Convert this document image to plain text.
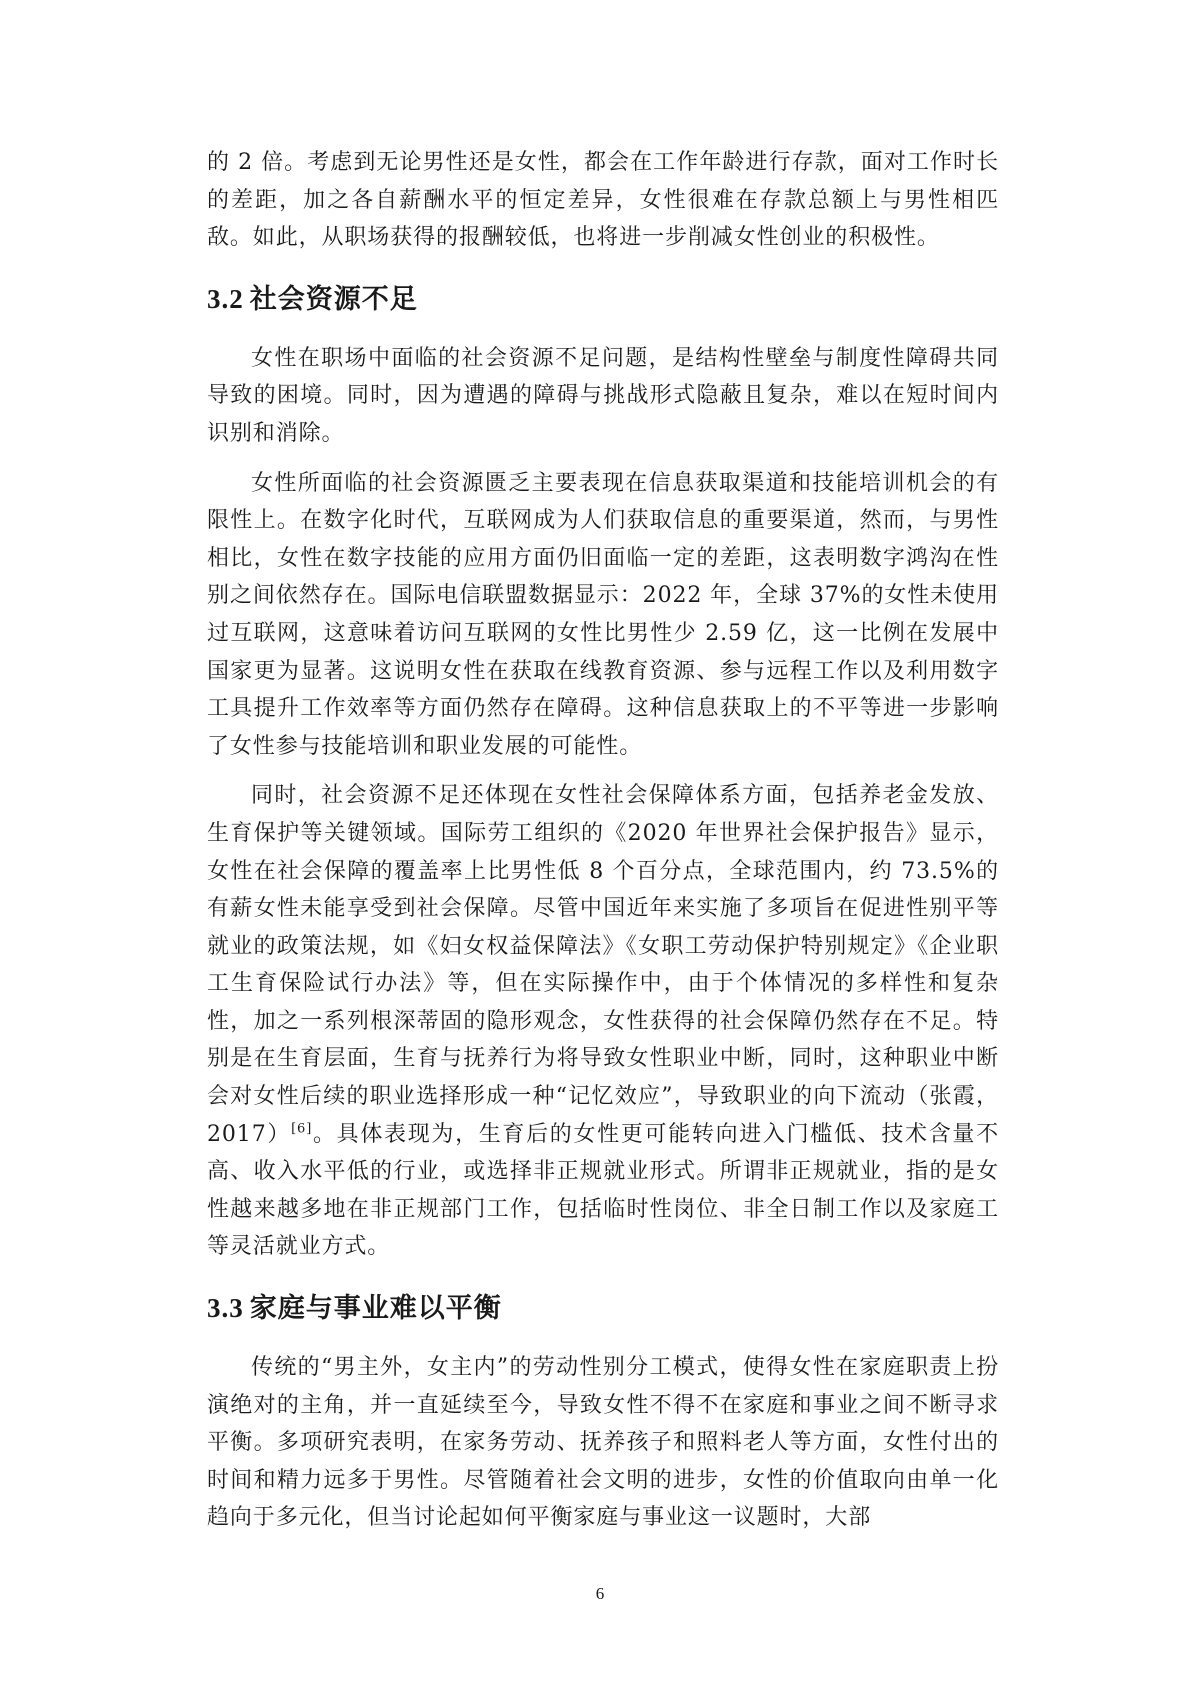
的 2 倍。考虑到无论男性还是女性，都会在工作年龄进行存款，面对工作时长的差距，加之各自薪酬水平的恒定差异，女性很难在存款总额上与男性相匹敌。如此，从职场获得的报酬较低，也将进一步削减女性创业的积极性。

3.2 社会资源不足

女性在职场中面临的社会资源不足问题，是结构性壁垒与制度性障碍共同导致的困境。同时，因为遭遇的障碍与挑战形式隐蔽且复杂，难以在短时间内识别和消除。

女性所面临的社会资源匮乏主要表现在信息获取渠道和技能培训机会的有限性上。在数字化时代，互联网成为人们获取信息的重要渠道，然而，与男性相比，女性在数字技能的应用方面仍旧面临一定的差距，这表明数字鸿沟在性别之间依然存在。国际电信联盟数据显示：2022 年，全球 37%的女性未使用过互联网，这意味着访问互联网的女性比男性少 2.59 亿，这一比例在发展中国家更为显著。这说明女性在获取在线教育资源、参与远程工作以及利用数字工具提升工作效率等方面仍然存在障碍。这种信息获取上的不平等进一步影响了女性参与技能培训和职业发展的可能性。

同时，社会资源不足还体现在女性社会保障体系方面，包括养老金发放、生育保护等关键领域。国际劳工组织的《2020 年世界社会保护报告》显示，女性在社会保障的覆盖率上比男性低 8 个百分点，全球范围内，约 73.5%的有薪女性未能享受到社会保障。尽管中国近年来实施了多项旨在促进性别平等就业的政策法规，如《妇女权益保障法》《女职工劳动保护特别规定》《企业职工生育保险试行办法》等，但在实际操作中，由于个体情况的多样性和复杂性，加之一系列根深蒂固的隐形观念，女性获得的社会保障仍然存在不足。特别是在生育层面，生育与抚养行为将导致女性职业中断，同时，这种职业中断会对女性后续的职业选择形成一种“记忆效应”，导致职业的向下流动（张霞，2017）[6]。具体表现为，生育后的女性更可能转向进入门槛低、技术含量不高、收入水平低的行业，或选择非正规就业形式。所谓非正规就业，指的是女性越来越多地在非正规部门工作，包括临时性岗位、非全日制工作以及家庭工等灵活就业方式。

3.3 家庭与事业难以平衡

传统的“男主外，女主内”的劳动性别分工模式，使得女性在家庭职责上扮演绝对的主角，并一直延续至今，导致女性不得不在家庭和事业之间不断寻求平衡。多项研究表明，在家务劳动、抚养孩子和照料老人等方面，女性付出的时间和精力远多于男性。尽管随着社会文明的进步，女性的价值取向由单一化趋向于多元化，但当讨论起如何平衡家庭与事业这一议题时，大部

6
